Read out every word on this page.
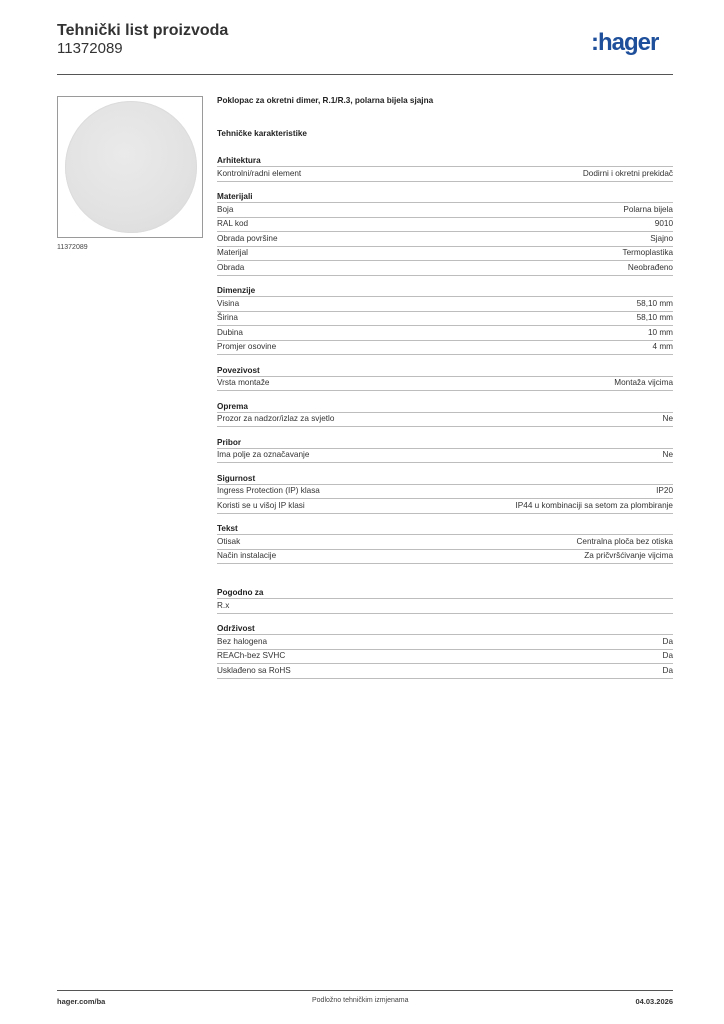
Tehnički list proizvoda
11372089	:hager
11372089
Poklopac za okretni dimer, R.1/R.3, polarna bijela sjajna
Tehničke karakteristike
Arhitektura
Kontrolni/radni element	Dodirni i okretni prekidač
Materijali
Boja	Polarna bijela
RAL kod	9010
Obrada površine	Sjajno
Materijal	Termoplastika
Obrada	Neobrađeno
Dimenzije
Visina	58,10 mm
Širina	58,10 mm
Dubina	10 mm
Promjer osovine	4 mm
Povezivost
Vrsta montaže	Montaža vijcima
Oprema
Prozor za nadzor/izlaz za svjetlo	Ne
Pribor
Ima polje za označavanje	Ne
Sigurnost
Ingress Protection (IP) klasa	IP20
Koristi se u višoj IP klasi	IP44 u kombinaciji sa setom za plombiranje
Tekst
Otisak	Centralna ploča bez otiska
Način instalacije	Za pričvršćivanje vijcima
Pogodno za
R.x
Održivost
Bez halogena	Da
REACh-bez SVHC	Da
Usklađeno sa RoHS	Da
hager.com/ba	Podložno tehničkim izmjenama	04.03.2026
